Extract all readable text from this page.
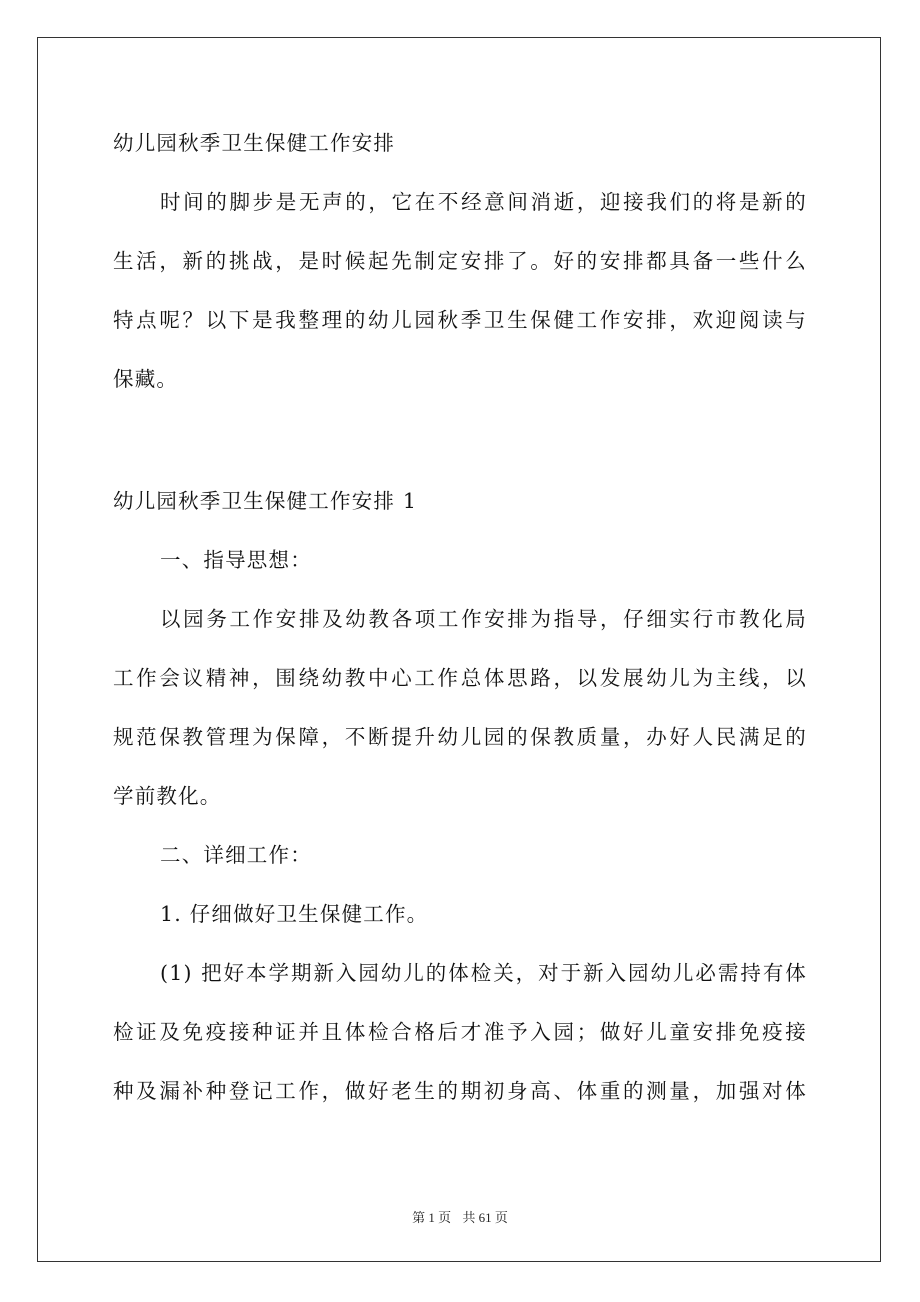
幼儿园秋季卫生保健工作安排
时间的脚步是无声的，它在不经意间消逝，迎接我们的将是新的
生活，新的挑战，是时候起先制定安排了。好的安排都具备一些什么
特点呢？以下是我整理的幼儿园秋季卫生保健工作安排，欢迎阅读与
保藏。
幼儿园秋季卫生保健工作安排 1
一、指导思想：
以园务工作安排及幼教各项工作安排为指导，仔细实行市教化局
工作会议精神，围绕幼教中心工作总体思路，以发展幼儿为主线，以
规范保教管理为保障，不断提升幼儿园的保教质量，办好人民满足的
学前教化。
二、详细工作：
1. 仔细做好卫生保健工作。
(1) 把好本学期新入园幼儿的体检关，对于新入园幼儿必需持有体
检证及免疫接种证并且体检合格后才准予入园；做好儿童安排免疫接
种及漏补种登记工作，做好老生的期初身高、体重的测量，加强对体
第 1 页 共 61 页
